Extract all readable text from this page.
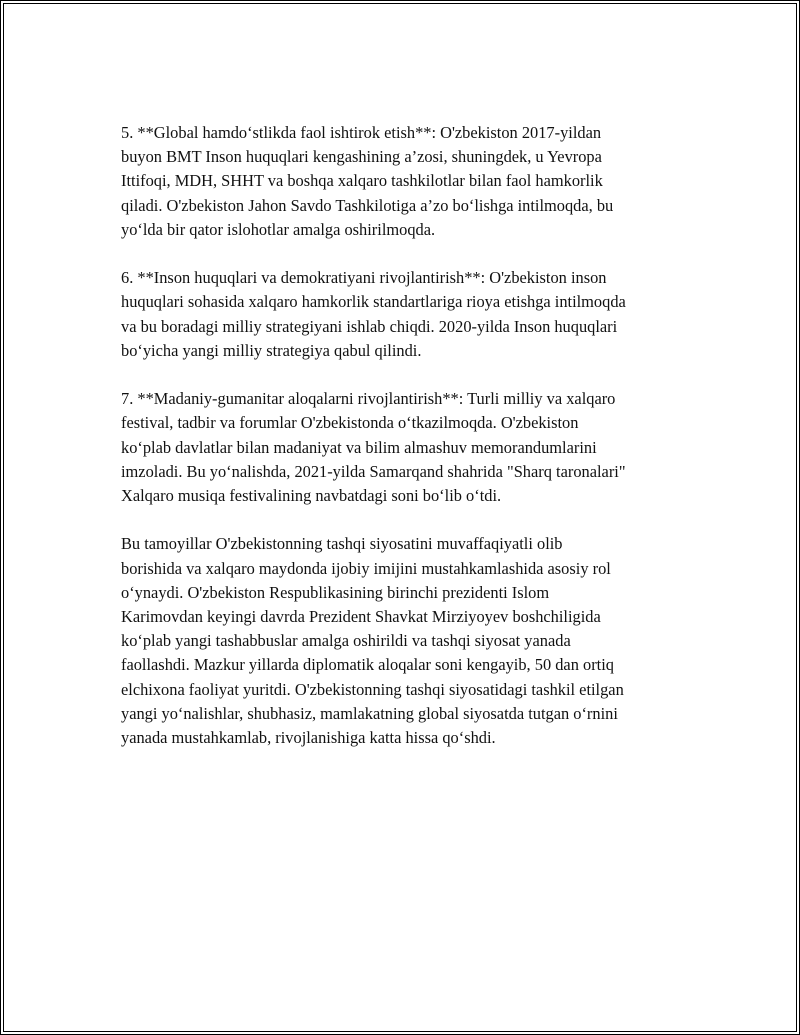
5. **Global hamdo‘stlikda faol ishtirok etish**: O'zbekiston 2017-yildan
buyon BMT Inson huquqlari kengashining a’zosi, shuningdek, u Yevropa
Ittifoqi, MDH, SHHT va boshqa xalqaro tashkilotlar bilan faol hamkorlik
qiladi. O'zbekiston Jahon Savdo Tashkilotiga a’zo bo‘lishga intilmoqda, bu
yo‘lda bir qator islohotlar amalga oshirilmoqda.

6. **Inson huquqlari va demokratiyani rivojlantirish**: O'zbekiston inson
huquqlari sohasida xalqaro hamkorlik standartlariga rioya etishga intilmoqda
va bu boradagi milliy strategiyani ishlab chiqdi. 2020-yilda Inson huquqlari
bo‘yicha yangi milliy strategiya qabul qilindi.

7. **Madaniy-gumanitar aloqalarni rivojlantirish**: Turli milliy va xalqaro
festival, tadbir va forumlar O'zbekistonda o‘tkazilmoqda. O'zbekiston
ko‘plab davlatlar bilan madaniyat va bilim almashuv memorandumlarini
imzoladi. Bu yo‘nalishda, 2021-yilda Samarqand shahrida "Sharq taronalari"
Xalqaro musiqa festivalining navbatdagi soni bo‘lib o‘tdi.

Bu tamoyillar O'zbekistonning tashqi siyosatini muvaffaqiyatli olib
borishida va xalqaro maydonda ijobiy imijini mustahkamlashida asosiy rol
o‘ynaydi. O'zbekiston Respublikasining birinchi prezidenti Islom
Karimovdan keyingi davrda Prezident Shavkat Mirziyoyev boshchiligida
ko‘plab yangi tashabbuslar amalga oshirildi va tashqi siyosat yanada
faollashdi. Mazkur yillarda diplomatik aloqalar soni kengayib, 50 dan ortiq
elchixona faoliyat yuritdi. O'zbekistonning tashqi siyosatidagi tashkil etilgan
yangi yo‘nalishlar, shubhasiz, mamlakatning global siyosatda tutgan o‘rnini
yanada mustahkamlab, rivojlanishiga katta hissa qo‘shdi.
